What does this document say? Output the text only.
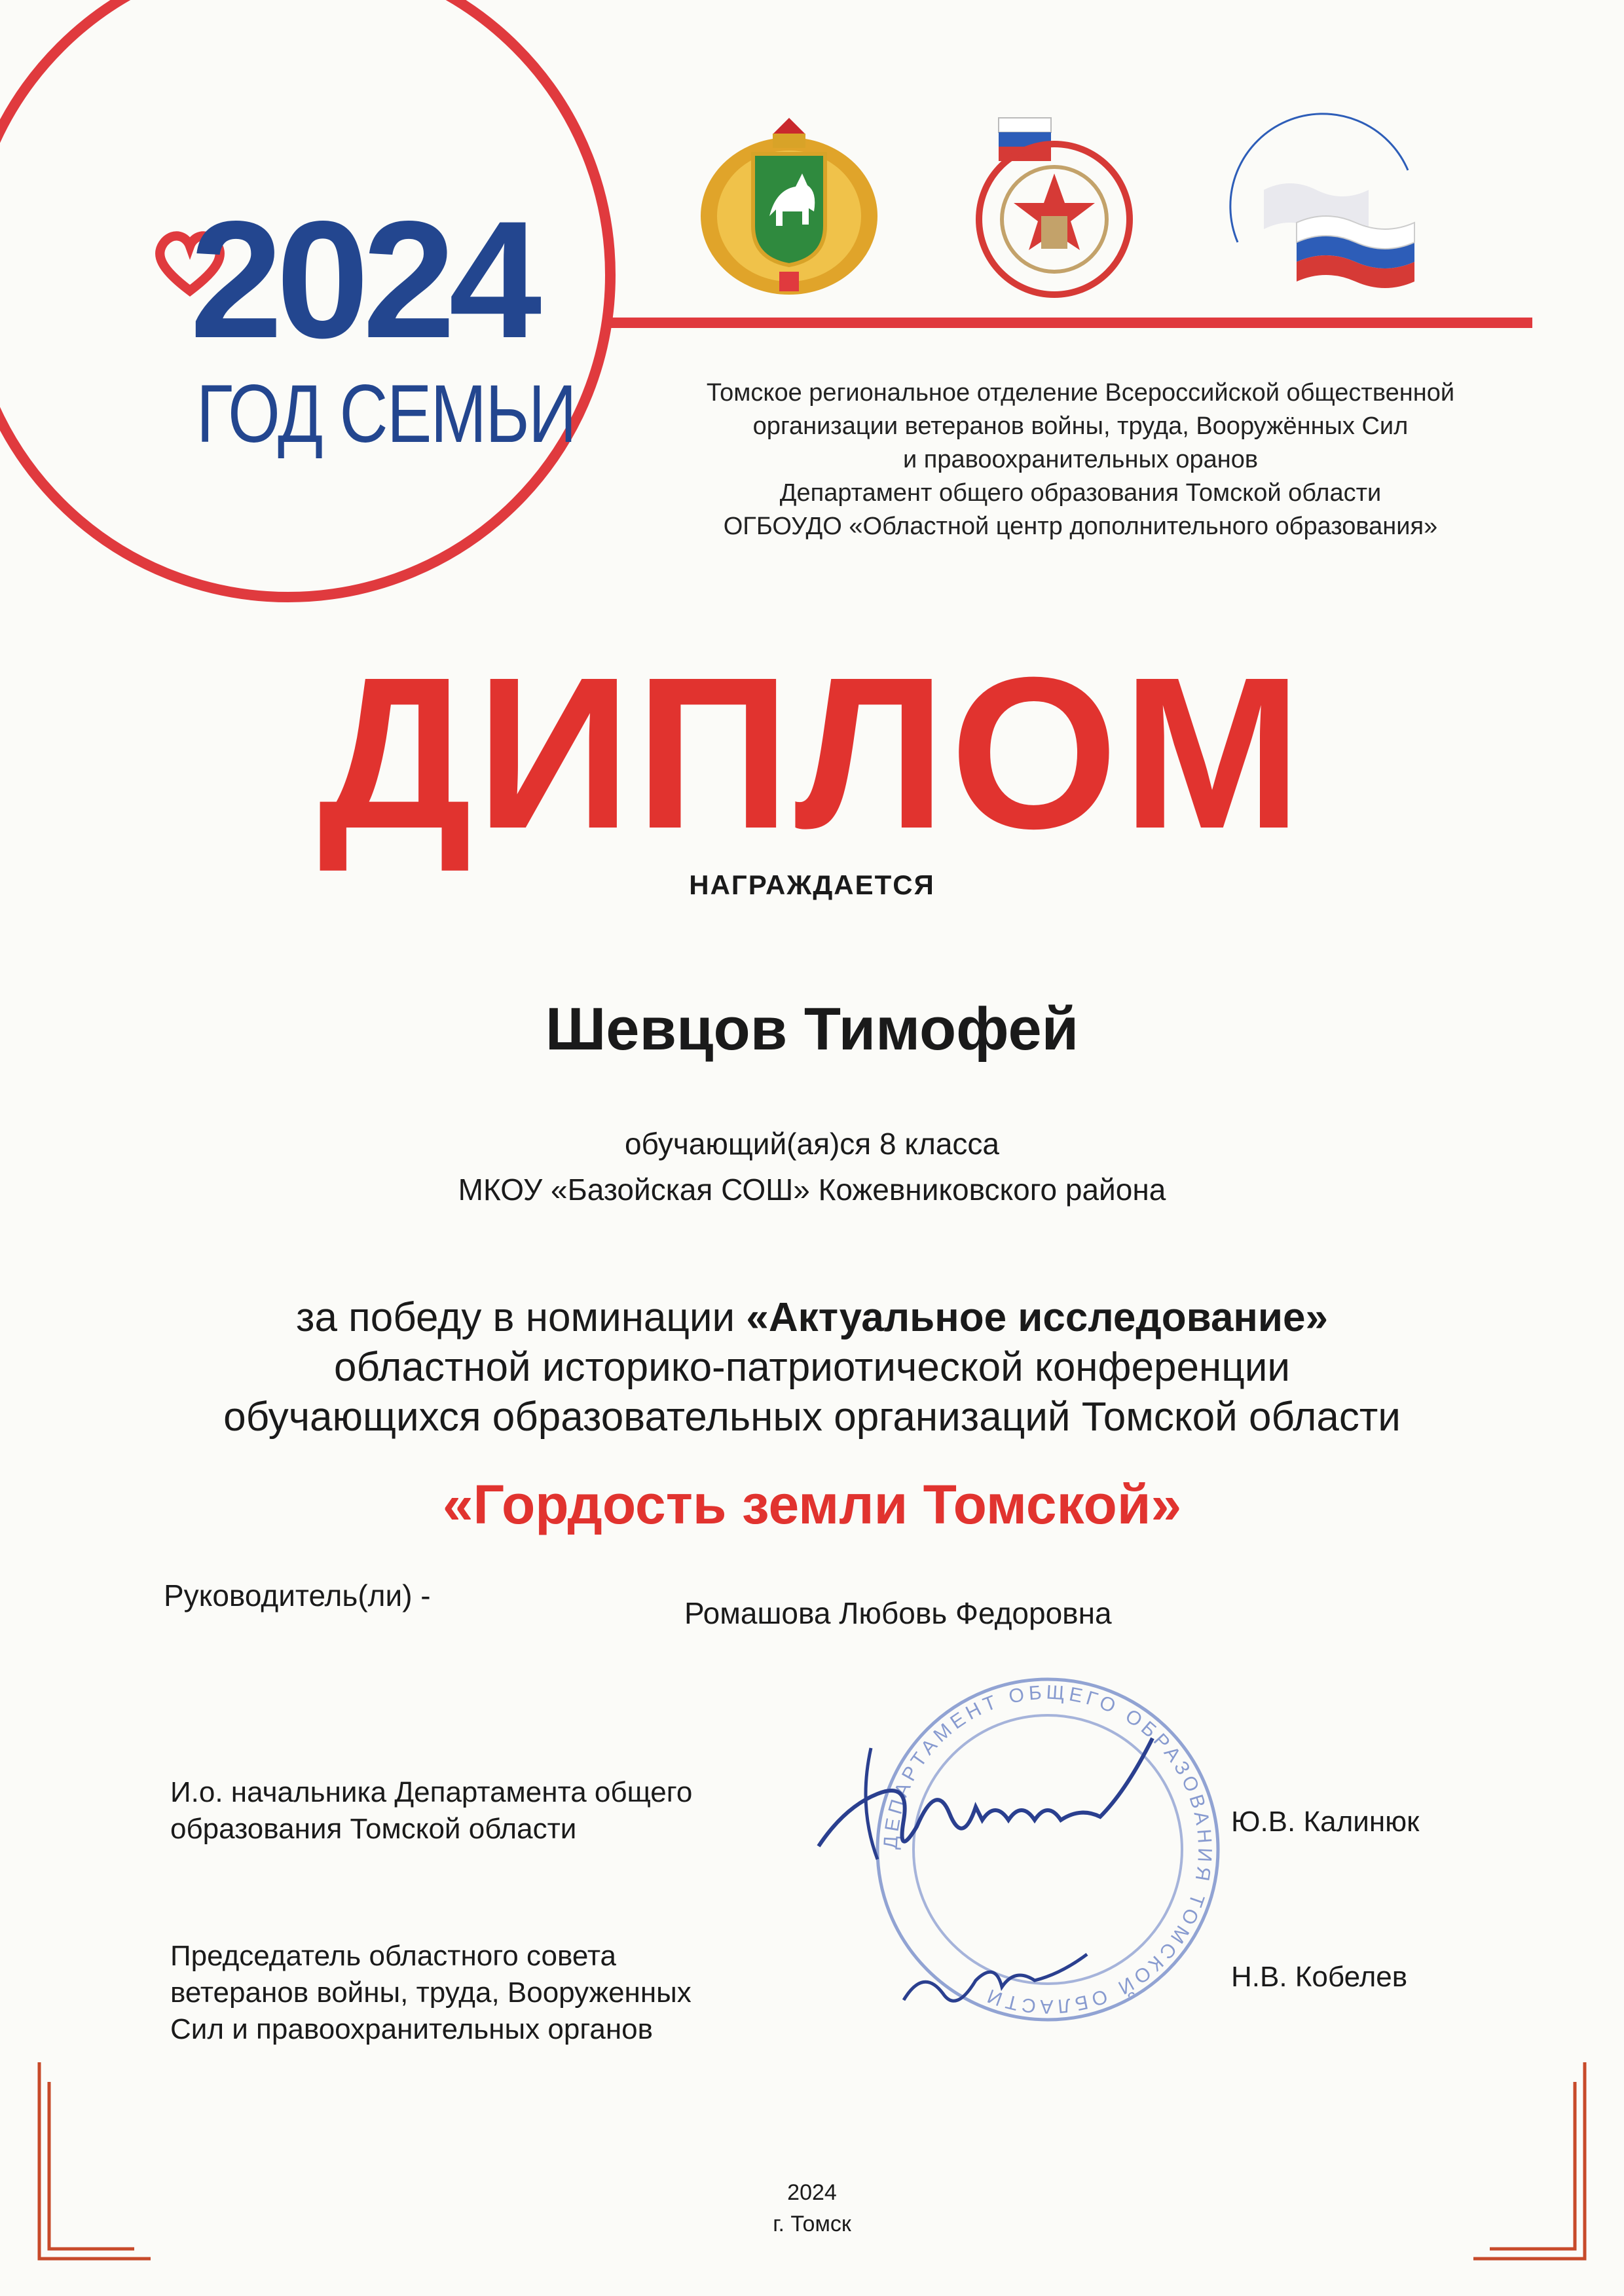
2024
ГОД СЕМЬИ	Томское региональное отделение Всероссийской общественной
организации ветеранов войны, труда, Вооружённых Сил
и правоохранительных оранов
Департамент общего образования Томской области
ОГБОУДО «Областной центр дополнительного образования»
ДИПЛОМ
НАГРАЖДАЕТСЯ
Шевцов Тимофей
обучающий(ая)ся 8 класса
МКОУ «Базойская СОШ» Кожевниковского района
за победу в номинации «Актуальное исследование»
областной историко-патриотической конференции
обучающихся образовательных организаций Томской области
«Гордость земли Томской»
Руководитель(ли) -
Ромашова Любовь Федоровна
ДЕПАРТАМЕНТ ОБЩЕГО ОБРАЗОВАНИЯ ТОМСКОЙ ОБЛАСТИ
И.о. начальника Департамента общего
образования Томской области	Ю.В. Калинюк
Председатель областного совета
ветеранов войны, труда, Вооруженных
Сил и правоохранительных органов
Н.В. Кобелев
2024
г. Томск
